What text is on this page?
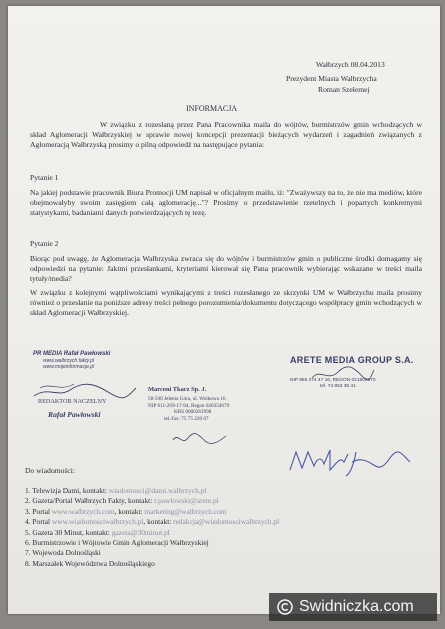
Wałbrzych 08.04.2013
Prezydent Miasta Wałbrzycha
Roman Szełemej
INFORMACJA
W związku z rozesłaną przez Pana Pracownika maila do wójtów, burmistrzów gmin wchodzących w skład Aglomeracji Wałbrzyskiej w sprawie nowej koncepcji prezentacji bieżących wydarzeń i zagadnień związanych z Aglomeracją Wałbrzyską prosimy o pilną odpowiedź na następujące pytania:
Pytanie 1
Na jakiej podstawie pracownik Biura Promocji UM napisał w oficjalnym mailu, iż: "Zważywszy na to, że nie ma mediów, które obejmowałyby swoim zasięgiem całą aglomerację..."? Prosimy o przedstawienie rzetelnych i popartych konkretnymi statystykami, badaniami danych potwierdzających tę tezę.
Pytanie 2
Biorąc pod uwagę, że Aglomeracja Wałbrzyska zwraca się do wójtów i burmistrzów gmin o publiczne środki domagamy się odpowiedzi na pytanie: Jakimi przesłankami, kryteriami kierował się Pana pracownik wybierając wskazane w treści maila tytuły/media?
W związku z kolejnymi wątpliwościami wynikającymi z treści rozesłanego ze skrzynki UM w Wałbrzychu maila prosimy również o przesłanie na poniższe adresy treści pełnego porozumienia/dokumentu dotyczącego współpracy gmin wchodzących w skład Aglomeracji Wałbrzyskiej.
PR MEDIA Rafał Pawłowski
www.walbrzych.fakty.pl
www.mojeinformacje.pl
REDAKTOR NACZELNY
Rafał Pawłowski
Marconi Tkacz Sp. J.
58-500 Jelenia Góra, ul. Wolkowa 16
NIP 611-269-17-94, Regon 020354679
KRS 0000261998
tel./fax: 75 75 220 67
ARETE MEDIA GROUP S.A.
NIP 886 274 47 16, REGON 021805970
tel. 74 853 38 41
Do wiadomości:
1. Telewizja Dami, kontakt: wiadomosci@dami.walbrzych.pl
2. Gazeta/Portal Wałbrzych Fakty, kontakt: r.pawlowski@arete.pl
3. Portal www.walbrzych.com, kontakt: marketing@walbrzych.com
4. Portal www.wiadomosciwalbrzych.pl, kontakt: redakcja@wiadomosciwalbrzych.pl
5. Gazeta 30 Minut, kontakt: gazeta@30minut.pl
6. Burmistrzowie i Wójtowie Gmin Aglomeracji Wałbrzyskiej
7. Wojewoda Dolnośląski
8. Marszałek Województwa Dolnośląskiego
Swidniczka.com
